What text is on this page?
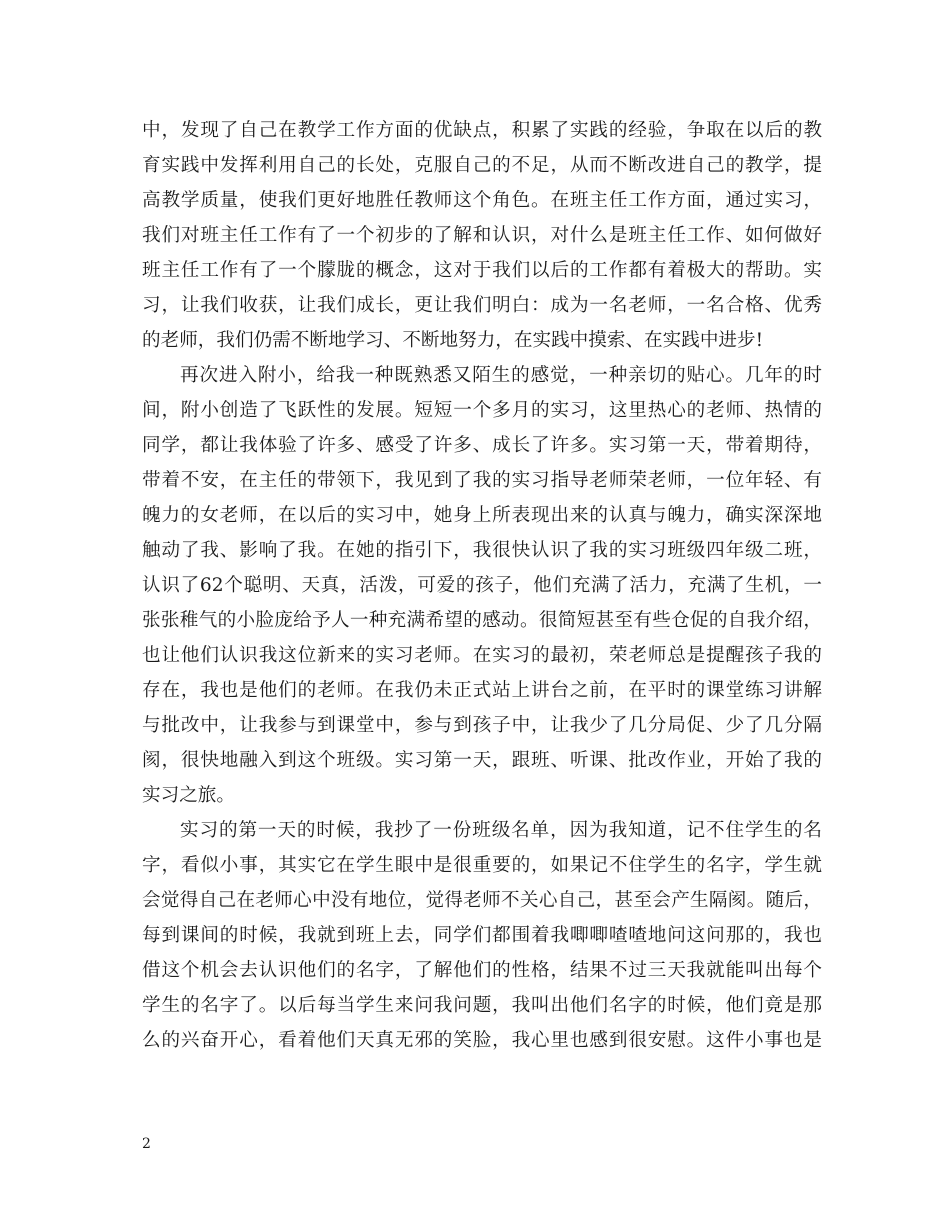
中，发现了自己在教学工作方面的优缺点，积累了实践的经验，争取在以后的教
育实践中发挥利用自己的长处，克服自己的不足，从而不断改进自己的教学，提
高教学质量，使我们更好地胜任教师这个角色。在班主任工作方面，通过实习，
我们对班主任工作有了一个初步的了解和认识，对什么是班主任工作、如何做好
班主任工作有了一个朦胧的概念，这对于我们以后的工作都有着极大的帮助。实
习，让我们收获，让我们成长，更让我们明白：成为一名老师，一名合格、优秀
的老师，我们仍需不断地学习、不断地努力，在实践中摸索、在实践中进步!
再次进入附小，给我一种既熟悉又陌生的感觉，一种亲切的贴心。几年的时
间，附小创造了飞跃性的发展。短短一个多月的实习，这里热心的老师、热情的
同学，都让我体验了许多、感受了许多、成长了许多。实习第一天，带着期待，
带着不安，在主任的带领下，我见到了我的实习指导老师荣老师，一位年轻、有
魄力的女老师，在以后的实习中，她身上所表现出来的认真与魄力，确实深深地
触动了我、影响了我。在她的指引下，我很快认识了我的实习班级四年级二班，
认识了62个聪明、天真，活泼，可爱的孩子，他们充满了活力，充满了生机，一
张张稚气的小脸庞给予人一种充满希望的感动。很简短甚至有些仓促的自我介绍，
也让他们认识我这位新来的实习老师。在实习的最初，荣老师总是提醒孩子我的
存在，我也是他们的老师。在我仍未正式站上讲台之前，在平时的课堂练习讲解
与批改中，让我参与到课堂中，参与到孩子中，让我少了几分局促、少了几分隔
阂，很快地融入到这个班级。实习第一天，跟班、听课、批改作业，开始了我的
实习之旅。
实习的第一天的时候，我抄了一份班级名单，因为我知道，记不住学生的名
字，看似小事，其实它在学生眼中是很重要的，如果记不住学生的名字，学生就
会觉得自己在老师心中没有地位，觉得老师不关心自己，甚至会产生隔阂。随后，
每到课间的时候，我就到班上去，同学们都围着我唧唧喳喳地问这问那的，我也
借这个机会去认识他们的名字，了解他们的性格，结果不过三天我就能叫出每个
学生的名字了。以后每当学生来问我问题，我叫出他们名字的时候，他们竟是那
么的兴奋开心，看着他们天真无邪的笑脸，我心里也感到很安慰。这件小事也是
2
